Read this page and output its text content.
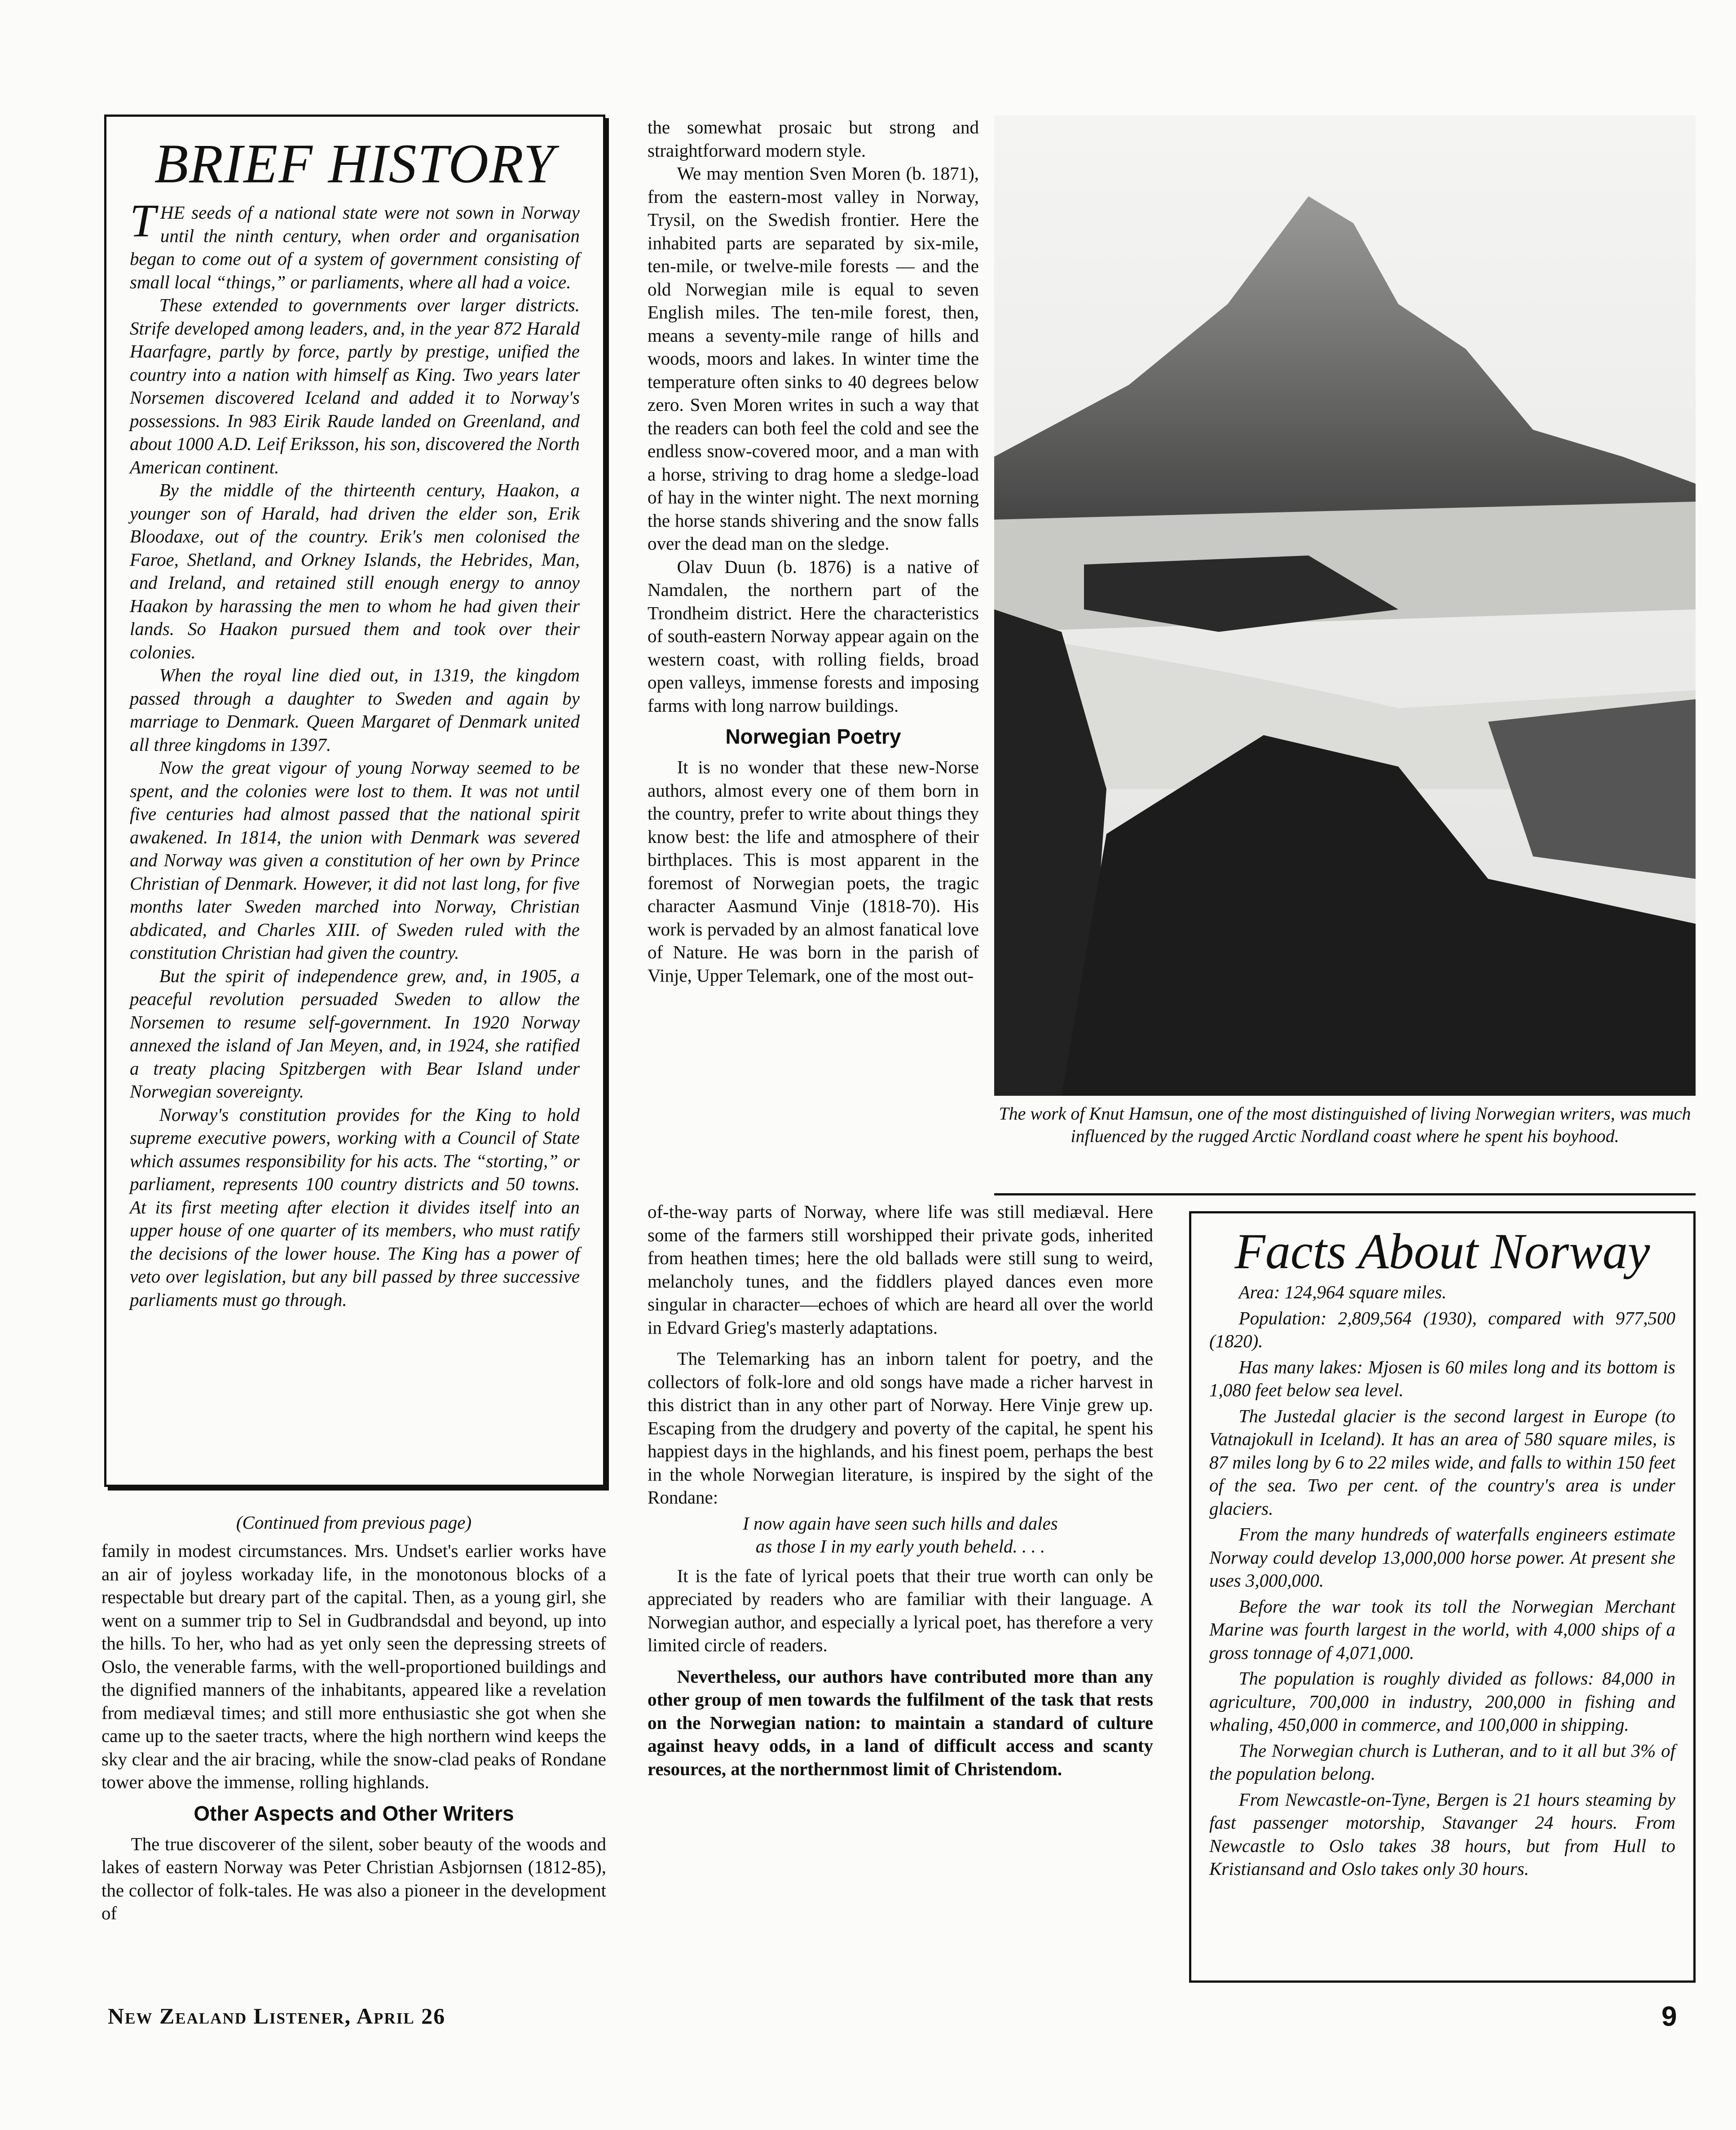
BRIEF HISTORY

THE seeds of a national state were not sown in Norway until the ninth century, when order and organisation began to come out of a system of government consisting of small local “things,” or parliaments, where all had a voice.

These extended to governments over larger districts. Strife developed among leaders, and, in the year 872 Harald Haarfagre, partly by force, partly by prestige, unified the country into a nation with himself as King. Two years later Norsemen discovered Iceland and added it to Norway's possessions. In 983 Eirik Raude landed on Greenland, and about 1000 A.D. Leif Eriksson, his son, discovered the North American continent.

By the middle of the thirteenth century, Haakon, a younger son of Harald, had driven the elder son, Erik Bloodaxe, out of the country. Erik's men colonised the Faroe, Shetland, and Orkney Islands, the Hebrides, Man, and Ireland, and retained still enough energy to annoy Haakon by harassing the men to whom he had given their lands. So Haakon pursued them and took over their colonies.

When the royal line died out, in 1319, the kingdom passed through a daughter to Sweden and again by marriage to Denmark. Queen Margaret of Denmark united all three kingdoms in 1397.

Now the great vigour of young Norway seemed to be spent, and the colonies were lost to them. It was not until five centuries had almost passed that the national spirit awakened. In 1814, the union with Denmark was severed and Norway was given a constitution of her own by Prince Christian of Denmark. However, it did not last long, for five months later Sweden marched into Norway, Christian abdicated, and Charles XIII. of Sweden ruled with the constitution Christian had given the country.

But the spirit of independence grew, and, in 1905, a peaceful revolution persuaded Sweden to allow the Norsemen to resume self-government. In 1920 Norway annexed the island of Jan Meyen, and, in 1924, she ratified a treaty placing Spitzbergen with Bear Island under Norwegian sovereignty.

Norway's constitution provides for the King to hold supreme executive powers, working with a Council of State which assumes responsibility for his acts. The “storting,” or parliament, represents 100 country districts and 50 towns. At its first meeting after election it divides itself into an upper house of one quarter of its members, who must ratify the decisions of the lower house. The King has a power of veto over legislation, but any bill passed by three successive parliaments must go through.

(Continued from previous page)

family in modest circumstances. Mrs. Undset's earlier works have an air of joyless workaday life, in the monotonous blocks of a respectable but dreary part of the capital. Then, as a young girl, she went on a summer trip to Sel in Gudbrandsdal and beyond, up into the hills. To her, who had as yet only seen the depressing streets of Oslo, the venerable farms, with the well-proportioned buildings and the dignified manners of the inhabitants, appeared like a revelation from mediæval times; and still more enthusiastic she got when she came up to the saeter tracts, where the high northern wind keeps the sky clear and the air bracing, while the snow-clad peaks of Rondane tower above the immense, rolling highlands.

Other Aspects and Other Writers

The true discoverer of the silent, sober beauty of the woods and lakes of eastern Norway was Peter Christian Asbjornsen (1812-85), the collector of folk-tales. He was also a pioneer in the development of

the somewhat prosaic but strong and straightforward modern style.

We may mention Sven Moren (b. 1871), from the eastern-most valley in Norway, Trysil, on the Swedish frontier. Here the inhabited parts are separated by six-mile, ten-mile, or twelve-mile forests — and the old Norwegian mile is equal to seven English miles. The ten-mile forest, then, means a seventy-mile range of hills and woods, moors and lakes. In winter time the temperature often sinks to 40 degrees below zero. Sven Moren writes in such a way that the readers can both feel the cold and see the endless snow-covered moor, and a man with a horse, striving to drag home a sledge-load of hay in the winter night. The next morning the horse stands shivering and the snow falls over the dead man on the sledge.

Olav Duun (b. 1876) is a native of Namdalen, the northern part of the Trondheim district. Here the characteristics of south-eastern Norway appear again on the western coast, with rolling fields, broad open valleys, immense forests and imposing farms with long narrow buildings.

Norwegian Poetry

It is no wonder that these new-Norse authors, almost every one of them born in the country, prefer to write about things they know best: the life and atmosphere of their birthplaces. This is most apparent in the foremost of Norwegian poets, the tragic character Aasmund Vinje (1818-70). His work is pervaded by an almost fanatical love of Nature. He was born in the parish of Vinje, Upper Telemark, one of the most out-

of-the-way parts of Norway, where life was still mediæval. Here some of the farmers still worshipped their private gods, inherited from heathen times; here the old ballads were still sung to weird, melancholy tunes, and the fiddlers played dances even more singular in character—echoes of which are heard all over the world in Edvard Grieg's masterly adaptations.

The Telemarking has an inborn talent for poetry, and the collectors of folk-lore and old songs have made a richer harvest in this district than in any other part of Norway. Here Vinje grew up. Escaping from the drudgery and poverty of the capital, he spent his happiest days in the highlands, and his finest poem, perhaps the best in the whole Norwegian literature, is inspired by the sight of the Rondane:

I now again have seen such hills and dales
as those I in my early youth beheld. . . .

It is the fate of lyrical poets that their true worth can only be appreciated by readers who are familiar with their language. A Norwegian author, and especially a lyrical poet, has therefore a very limited circle of readers.

Nevertheless, our authors have contributed more than any other group of men towards the fulfilment of the task that rests on the Norwegian nation: to maintain a standard of culture against heavy odds, in a land of difficult access and scanty resources, at the northernmost limit of Christendom.

The work of Knut Hamsun, one of the most distinguished of living Norwegian writers, was much influenced by the rugged Arctic Nordland coast where he spent his boyhood.
Facts About Norway

Area: 124,964 square miles.

Population: 2,809,564 (1930), compared with 977,500 (1820).

Has many lakes: Mjosen is 60 miles long and its bottom is 1,080 feet below sea level.

The Justedal glacier is the second largest in Europe (to Vatnajokull in Iceland). It has an area of 580 square miles, is 87 miles long by 6 to 22 miles wide, and falls to within 150 feet of the sea. Two per cent. of the country's area is under glaciers.

From the many hundreds of waterfalls engineers estimate Norway could develop 13,000,000 horse power. At present she uses 3,000,000.

Before the war took its toll the Norwegian Merchant Marine was fourth largest in the world, with 4,000 ships of a gross tonnage of 4,071,000.

The population is roughly divided as follows: 84,000 in agriculture, 700,000 in industry, 200,000 in fishing and whaling, 450,000 in commerce, and 100,000 in shipping.

The Norwegian church is Lutheran, and to it all but 3% of the population belong.

From Newcastle-on-Tyne, Bergen is 21 hours steaming by fast passenger motorship, Stavanger 24 hours. From Newcastle to Oslo takes 38 hours, but from Hull to Kristiansand and Oslo takes only 30 hours.

New Zealand Listener, April 26	9
